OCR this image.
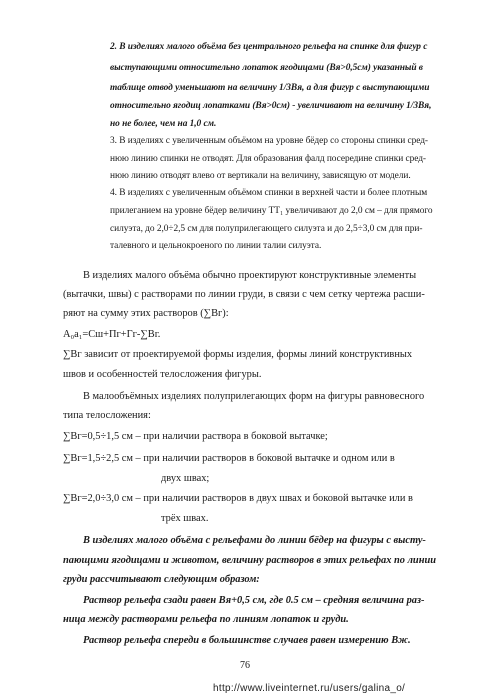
2. В изделиях малого объёма без центрального рельефа на спинке для фигур с
выступающими относительно лопаток ягодицами (Вя>0,5см) указанный в
таблице отвод уменьшают на величину 1/3Вя, а для фигур с выступающими
относительно ягодиц лопатками (Вя>0см) - увеличивают на величину 1/3Вя,
но не более, чем на 1,0 см.
3. В изделиях с увеличенным объёмом на уровне бёдер со стороны спинки сред-
нюю линию спинки не отводят. Для образования фалд посередине спинки сред-
нюю линию отводят влево от вертикали на величину, зависящую от модели.
4. В изделиях с увеличенным объёмом спинки в верхней части и более плотным
прилеганием на уровне бёдер величину ТТ₁ увеличивают до 2,0 см – для прямого
силуэта, до 2,0÷2,5 см для полуприлегающего силуэта и до 2,5÷3,0 см для при-
талевного и цельнокроеного по линии талии силуэта.
В изделиях малого объёма обычно проектируют конструктивные элементы
(вытачки, швы) с растворами по линии груди, в связи с чем сетку чертежа расши-
ряют на сумму этих растворов (∑Вг):
А₀а₁=Сш+Пг+Гг-∑Вг.
∑Вг зависит от проектируемой формы изделия, формы линий конструктивных
швов и особенностей телосложения фигуры.
В малообъёмных изделиях полуприлегающих форм на фигуры равновесного
типа телосложения:
∑Вг=0,5÷1,5 см – при наличии раствора в боковой вытачке;
∑Вг=1,5÷2,5 см – при наличии растворов в боковой вытачке и одном или в
двух швах;
∑Вг=2,0÷3,0 см – при наличии растворов в двух швах и боковой вытачке или в
трёх швах.
В изделиях малого объёма с рельефами до линии бёдер на фигуры с высту-
пающими ягодицами и животом, величину растворов в этих рельефах по линии
груди рассчитывают следующим образом:
Раствор рельефа сзади равен Вя+0,5 см, где 0.5 см – средняя величина раз-
ница между растворами рельефа по линиям лопаток и груди.
Раствор рельефа спереди в большинстве случаев равен измерению Вж.
76
http://www.liveinternet.ru/users/galina_o/
